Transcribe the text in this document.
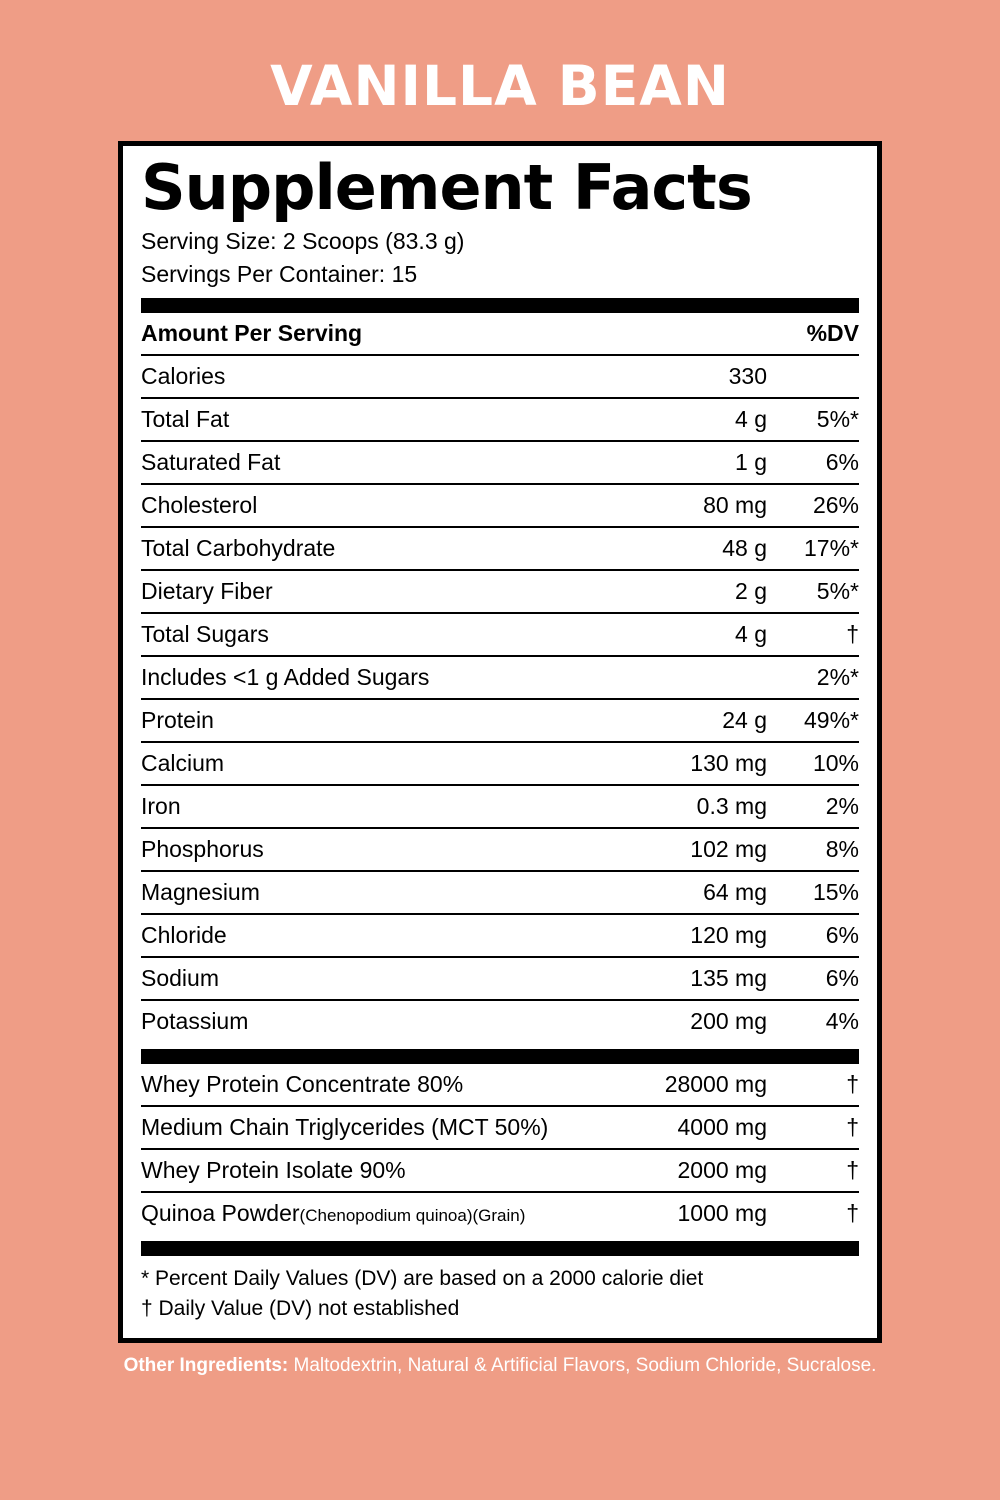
VANILLA BEAN
Supplement Facts
Serving Size: 2 Scoops (83.3 g)
Servings Per Container: 15
Amount Per Serving		%DV
Calories	330	
Total Fat	4 g	5%*
Saturated Fat	1 g	6%
Cholesterol	80 mg	26%
Total Carbohydrate	48 g	17%*
Dietary Fiber	2 g	5%*
Total Sugars	4 g	†
Includes <1 g Added Sugars		2%*
Protein	24 g	49%*
Calcium	130 mg	10%
Iron	0.3 mg	2%
Phosphorus	102 mg	8%
Magnesium	64 mg	15%
Chloride	120 mg	6%
Sodium	135 mg	6%
Potassium	200 mg	4%
Whey Protein Concentrate 80%	28000 mg	†
Medium Chain Triglycerides (MCT 50%)	4000 mg	†
Whey Protein Isolate 90%	2000 mg	†
Quinoa Powder(Chenopodium quinoa)(Grain)	1000 mg	†
* Percent Daily Values (DV) are based on a 2000 calorie diet
† Daily Value (DV) not established
Other Ingredients: Maltodextrin, Natural & Artificial Flavors, Sodium Chloride, Sucralose.
